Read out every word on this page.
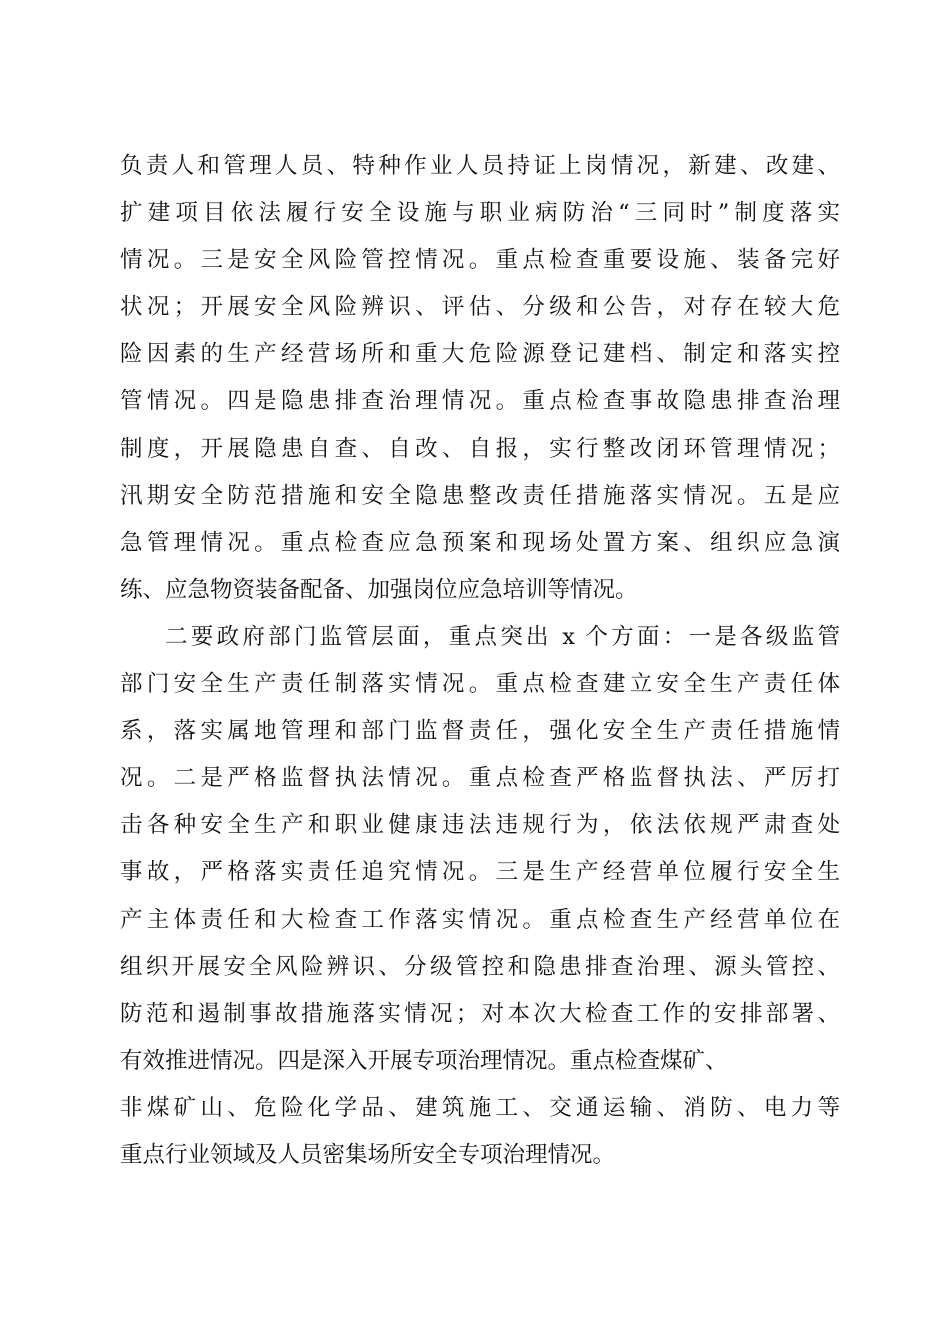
负责人和管理人员、特种作业人员持证上岗情况，新建、改建、
扩建项目依法履行安全设施与职业病防治“三同时”制度落实
情况。三是安全风险管控情况。重点检查重要设施、装备完好
状况；开展安全风险辨识、评估、分级和公告，对存在较大危
险因素的生产经营场所和重大危险源登记建档、制定和落实控
管情况。四是隐患排查治理情况。重点检查事故隐患排查治理
制度，开展隐患自查、自改、自报，实行整改闭环管理情况；
汛期安全防范措施和安全隐患整改责任措施落实情况。五是应
急管理情况。重点检查应急预案和现场处置方案、组织应急演
练、应急物资装备配备、加强岗位应急培训等情况。
二要政府部门监管层面，重点突出 x 个方面：一是各级监管
部门安全生产责任制落实情况。重点检查建立安全生产责任体
系，落实属地管理和部门监督责任，强化安全生产责任措施情
况。二是严格监督执法情况。重点检查严格监督执法、严厉打
击各种安全生产和职业健康违法违规行为，依法依规严肃查处
事故，严格落实责任追究情况。三是生产经营单位履行安全生
产主体责任和大检查工作落实情况。重点检查生产经营单位在
组织开展安全风险辨识、分级管控和隐患排查治理、源头管控、
防范和遏制事故措施落实情况；对本次大检查工作的安排部署、
有效推进情况。四是深入开展专项治理情况。重点检查煤矿、
非煤矿山、危险化学品、建筑施工、交通运输、消防、电力等
重点行业领域及人员密集场所安全专项治理情况。
